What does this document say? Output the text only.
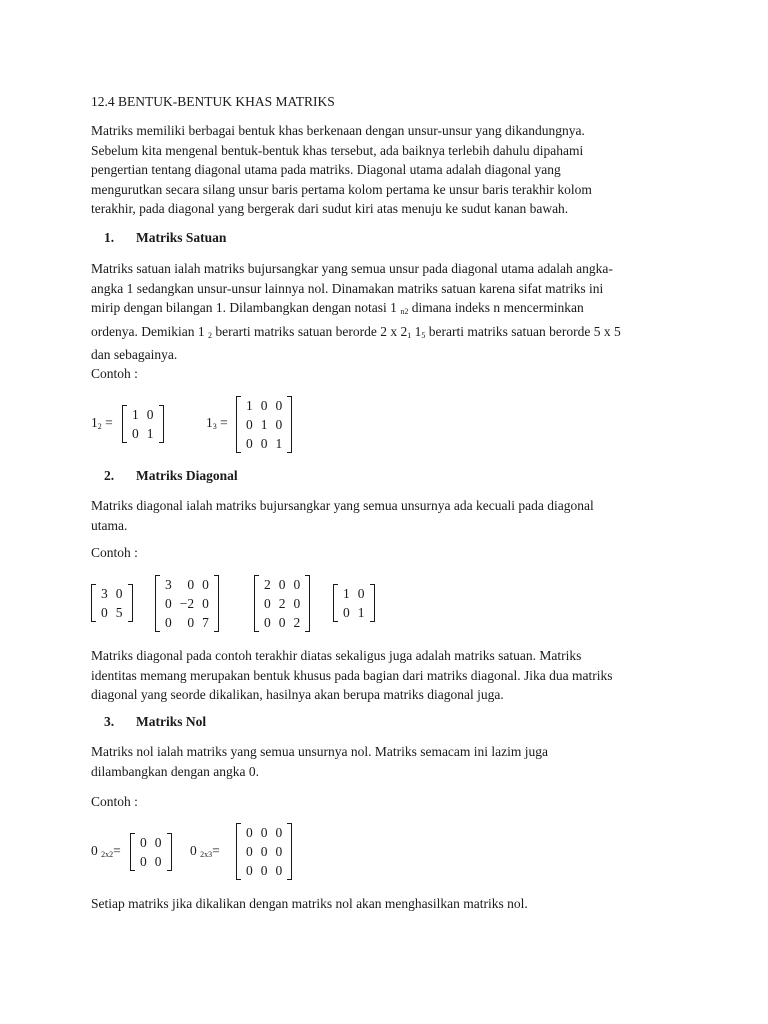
12.4 BENTUK-BENTUK KHAS MATRIKS

Matriks memiliki berbagai bentuk khas berkenaan dengan unsur-unsur yang dikandungnya.
Sebelum kita mengenal bentuk-bentuk khas tersebut, ada baiknya terlebih dahulu dipahami
pengertian tentang diagonal utama pada matriks. Diagonal utama adalah diagonal yang
mengurutkan secara silang unsur baris pertama kolom pertama ke unsur baris terakhir kolom
terakhir, pada diagonal yang bergerak dari sudut kiri atas menuju ke sudut kanan bawah.

1. Matriks Satuan

Matriks satuan ialah matriks bujursangkar yang semua unsur pada diagonal utama adalah angka-
angka 1 sedangkan unsur-unsur lainnya nol. Dinamakan matriks satuan karena sifat matriks ini
mirip dengan bilangan 1. Dilambangkan dengan notasi 1 $_{n2}$ dimana indeks n mencerminkan
ordenya. Demikian 1 $_2$ berarti matriks satuan berorde 2 x $2_1$ $1_5$ berarti matriks satuan berorde 5 x 5
dan sebagainya.

Contoh :

$1_2$ =
1	0
0	1
$1_3$ =
1	0	0
0	1	0
0	0	1

2. Matriks Diagonal

Matriks diagonal ialah matriks bujursangkar yang semua unsurnya ada kecuali pada diagonal
utama.

Contoh :

3	0
0	5
3	0	0
0	−2	0
0	0	7
2	0	0
0	2	0
0	0	2
1	0
0	1
Matriks diagonal pada contoh terakhir diatas sekaligus juga adalah matriks satuan. Matriks
identitas memang merupakan bentuk khusus pada bagian dari matriks diagonal. Jika dua matriks
diagonal yang seorde dikalikan, hasilnya akan berupa matriks diagonal juga.

3. Matriks Nol

Matriks nol ialah matriks yang semua unsurnya nol. Matriks semacam ini lazim juga
dilambangkan dengan angka 0.

Contoh :

0 $_{2x2}$=
0	0
0	0
0 $_{2x3}$=
0	0	0
0	0	0
0	0	0
Setiap matriks jika dikalikan dengan matriks nol akan menghasilkan matriks nol.
